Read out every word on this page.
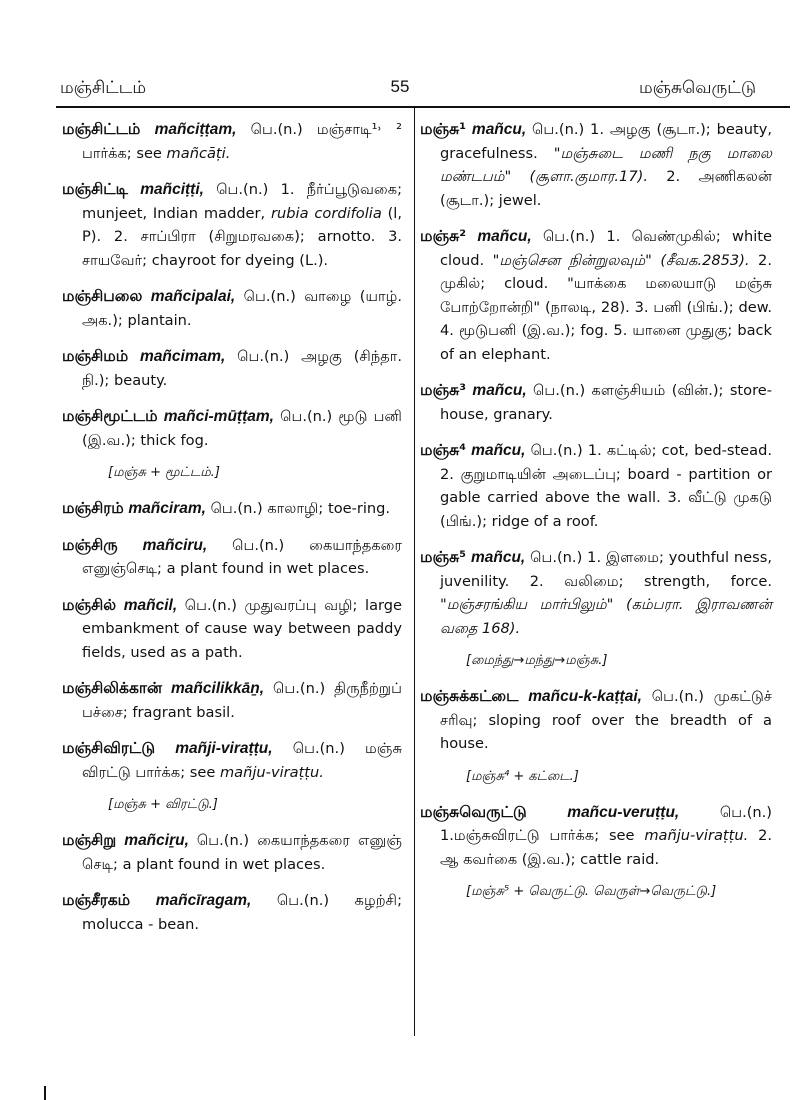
மஞ்சிட்டம்	55	மஞ்சுவெருட்டு
மஞ்சிட்டம் mañciṭṭam, பெ.(n.) மஞ்சாடி¹˒ ² பார்க்க; see mañcāṭi.
மஞ்சிட்டி mañciṭṭi, பெ.(n.) 1. நீர்ப்பூடுவகை; munjeet, Indian madder, rubia cordifolia (l, P). 2. சாப்பிரா (சிறுமரவகை); arnotto. 3. சாயவேர்; chayroot for dyeing (L.).
மஞ்சிபலை mañcipalai, பெ.(n.) வாழை (யாழ். அக.); plantain.
மஞ்சிமம் mañcimam, பெ.(n.) அழகு (சிந்தா. நி.); beauty.
மஞ்சிமூட்டம் mañci-mūṭṭam, பெ.(n.) மூடு பனி (இ.வ.); thick fog.
[மஞ்சு + மூட்டம்.]
மஞ்சிரம் mañciram, பெ.(n.) காலாழி; toe-ring.
மஞ்சிரு mañciru, பெ.(n.) கையாந்தகரை எனுஞ்செடி; a plant found in wet places.
மஞ்சில் mañcil, பெ.(n.) முதுவரப்பு வழி; large embankment of cause way between paddy fields, used as a path.
மஞ்சிலிக்கான் mañcilikkāṉ, பெ.(n.) திருநீற்றுப் பச்சை; fragrant basil.
மஞ்சிவிரட்டு mañji-viraṭṭu, பெ.(n.) மஞ்சு விரட்டு பார்க்க; see mañju-viraṭṭu.
[மஞ்சு + விரட்டு.]
மஞ்சிறு mañciṟu, பெ.(n.) கையாந்தகரை எனுஞ் செடி; a plant found in wet places.
மஞ்சீரகம் mañcīragam, பெ.(n.) கழற்சி; molucca - bean.
மஞ்சு¹ mañcu, பெ.(n.) 1. அழகு (சூடா.); beauty, gracefulness. "மஞ்சுடை மணி நகு மாலை மண்டபம்" (சூளா.குமார.17). 2. அணிகலன் (சூடா.); jewel.
மஞ்சு² mañcu, பெ.(n.) 1. வெண்முகில்; white cloud. "மஞ்சென நின்றுலவும்" (சீவக.2853). 2. முகில்; cloud. "யாக்கை மலையாடு மஞ்சு போற்றோன்றி" (நாலடி, 28). 3. பனி (பிங்.); dew. 4. மூடுபனி (இ.வ.); fog. 5. யானை முதுகு; back of an elephant.
மஞ்சு³ mañcu, பெ.(n.) களஞ்சியம் (வின்.); store-house, granary.
மஞ்சு⁴ mañcu, பெ.(n.) 1. கட்டில்; cot, bed-stead. 2. குறுமாடியின் அடைப்பு; board - partition or gable carried above the wall. 3. வீட்டு முகடு (பிங்.); ridge of a roof.
மஞ்சு⁵ mañcu, பெ.(n.) 1. இளமை; youthful ness, juvenility. 2. வலிமை; strength, force. "மஞ்சரங்கிய மார்பிலும்" (கம்பரா. இராவணன் வதை 168).
[மைந்து→மந்து→மஞ்சு.]
மஞ்சுக்கட்டை mañcu-k-kaṭṭai, பெ.(n.) முகட்டுச் சரிவு; sloping roof over the breadth of a house.
[மஞ்சு⁴ + கட்டை.]
மஞ்சுவெருட்டு	mañcu-veruṭṭu, பெ.(n.) 1.மஞ்சுவிரட்டு பார்க்க; see mañju-viraṭṭu. 2. ஆ கவர்கை (இ.வ.); cattle raid.
[மஞ்சு⁵ + வெருட்டு. வெருள்→வெருட்டு.]
